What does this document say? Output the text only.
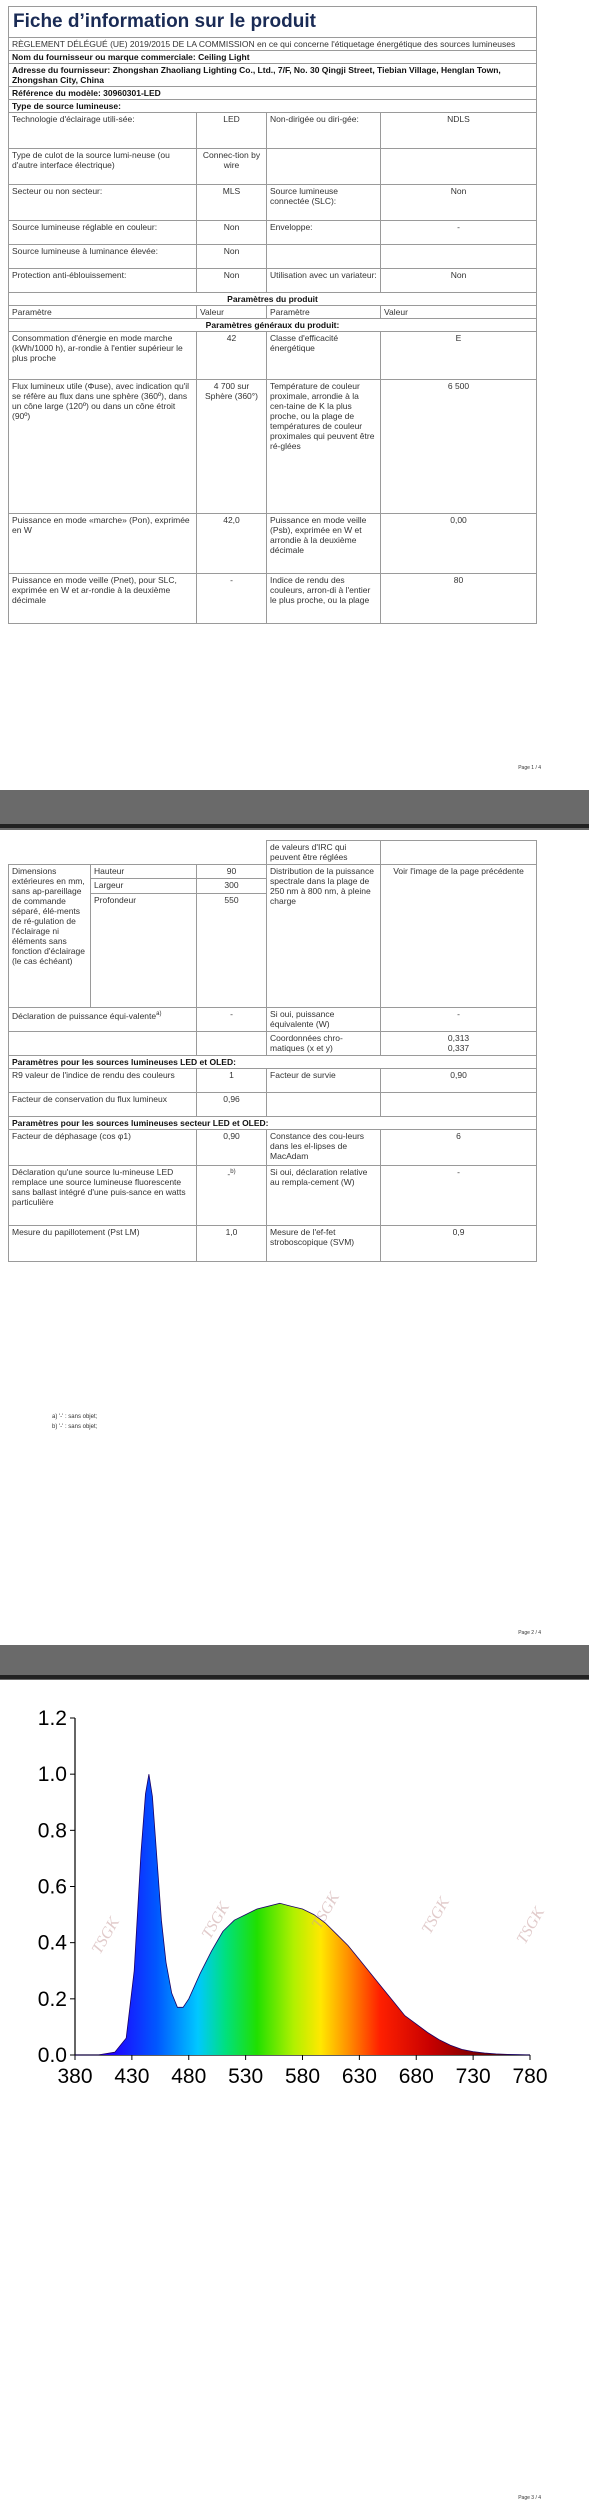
Fiche d’information sur le produit			
RÈGLEMENT DÉLÉGUÉ (UE) 2019/2015 DE LA COMMISSION en ce qui concerne l'étiquetage énergétique des sources lumineuses			
Nom du fournisseur ou marque commerciale: Ceiling Light			
Adresse du fournisseur: Zhongshan Zhaoliang Lighting Co., Ltd., 7/F, No. 30 Qingji Street, Tiebian Village, Henglan Town, Zhongshan City, China			
Référence du modèle: 30960301-LED			
Type de source lumineuse:			
Technologie d'éclairage utili-sée:	LED	Non-dirigée ou diri-gée:	NDLS
Type de culot de la source lumi-neuse (ou d'autre interface électrique)	Connec-tion by wire		
Secteur ou non secteur:	MLS	Source lumineuse connectée (SLC):	Non
Source lumineuse réglable en couleur:	Non	Enveloppe:	-
Source lumineuse à luminance élevée:	Non		
Protection anti-éblouissement:	Non	Utilisation avec un variateur:	Non
Paramètres du produit			
Paramètre	Valeur	Paramètre	Valeur
Paramètres généraux du produit:			
Consommation d'énergie en mode marche (kWh/1000 h), ar-rondie à l'entier supérieur le plus proche	42	Classe d'efficacité énergétique	E
Flux lumineux utile (Φuse), avec indication qu'il se réfère au flux dans une sphère (360º), dans un cône large (120º) ou dans un cône étroit (90º)	4 700 sur Sphère (360°)	Température de couleur proximale, arrondie à la cen-taine de K la plus proche, ou la plage de températures de couleur proximales qui peuvent être ré-glées	6 500
Puissance en mode «marche» (Pon), exprimée en W	42,0	Puissance en mode veille (Psb), exprimée en W et arrondie à la deuxième décimale	0,00
Puissance en mode veille (Pnet), pour SLC, exprimée en W et ar-rondie à la deuxième décimale	-	Indice de rendu des couleurs, arron-di à l'entier le plus proche, ou la plage	80
Page 1 / 4
			de valeurs d'IRC qui peuvent être réglées	
Dimensions extérieures en mm, sans ap-pareillage de commande séparé, élé-ments de ré-gulation de l'éclairage ni éléments sans fonction d'éclairage (le cas échéant)	Hauteur	90	Distribution de la puissance spectrale dans la plage de 250 nm à 800 nm, à pleine charge	Voir l'image de la page précédente
	Largeur	300		
	Profondeur	550		
Déclaration de puissance équi-valente$^{a)}$		-	Si oui, puissance équivalente (W)	-
			Coordonnées chro-matiques (x et y)	0,313
0,337
Paramètres pour les sources lumineuses LED et OLED:				
R9 valeur de l'indice de rendu des couleurs		1	Facteur de survie	0,90
Facteur de conservation du flux lumineux		0,96		
Paramètres pour les sources lumineuses secteur LED et OLED:				
Facteur de déphasage (cos φ1)		0,90	Constance des cou-leurs dans les el-lipses de MacAdam	6
Déclaration qu'une source lu-mineuse LED remplace une source lumineuse fluorescente sans ballast intégré d'une puis-sance en watts particulière		-$^{b)}$	Si oui, déclaration relative au rempla-cement (W)	-
Mesure du papillotement (Pst LM)		1,0	Mesure de l'ef-fet stroboscopique (SVM)	0,9
a) '-' : sans objet;
b) '-' : sans objet;
Page 2 / 4
0.0
0.2
0.4
0.6
0.8
1.0
1.2
380 430 480 530 580 630 680 730 780
TSGK	TSGK	TSGK	TSGK	TSGK
Page 3 / 4
